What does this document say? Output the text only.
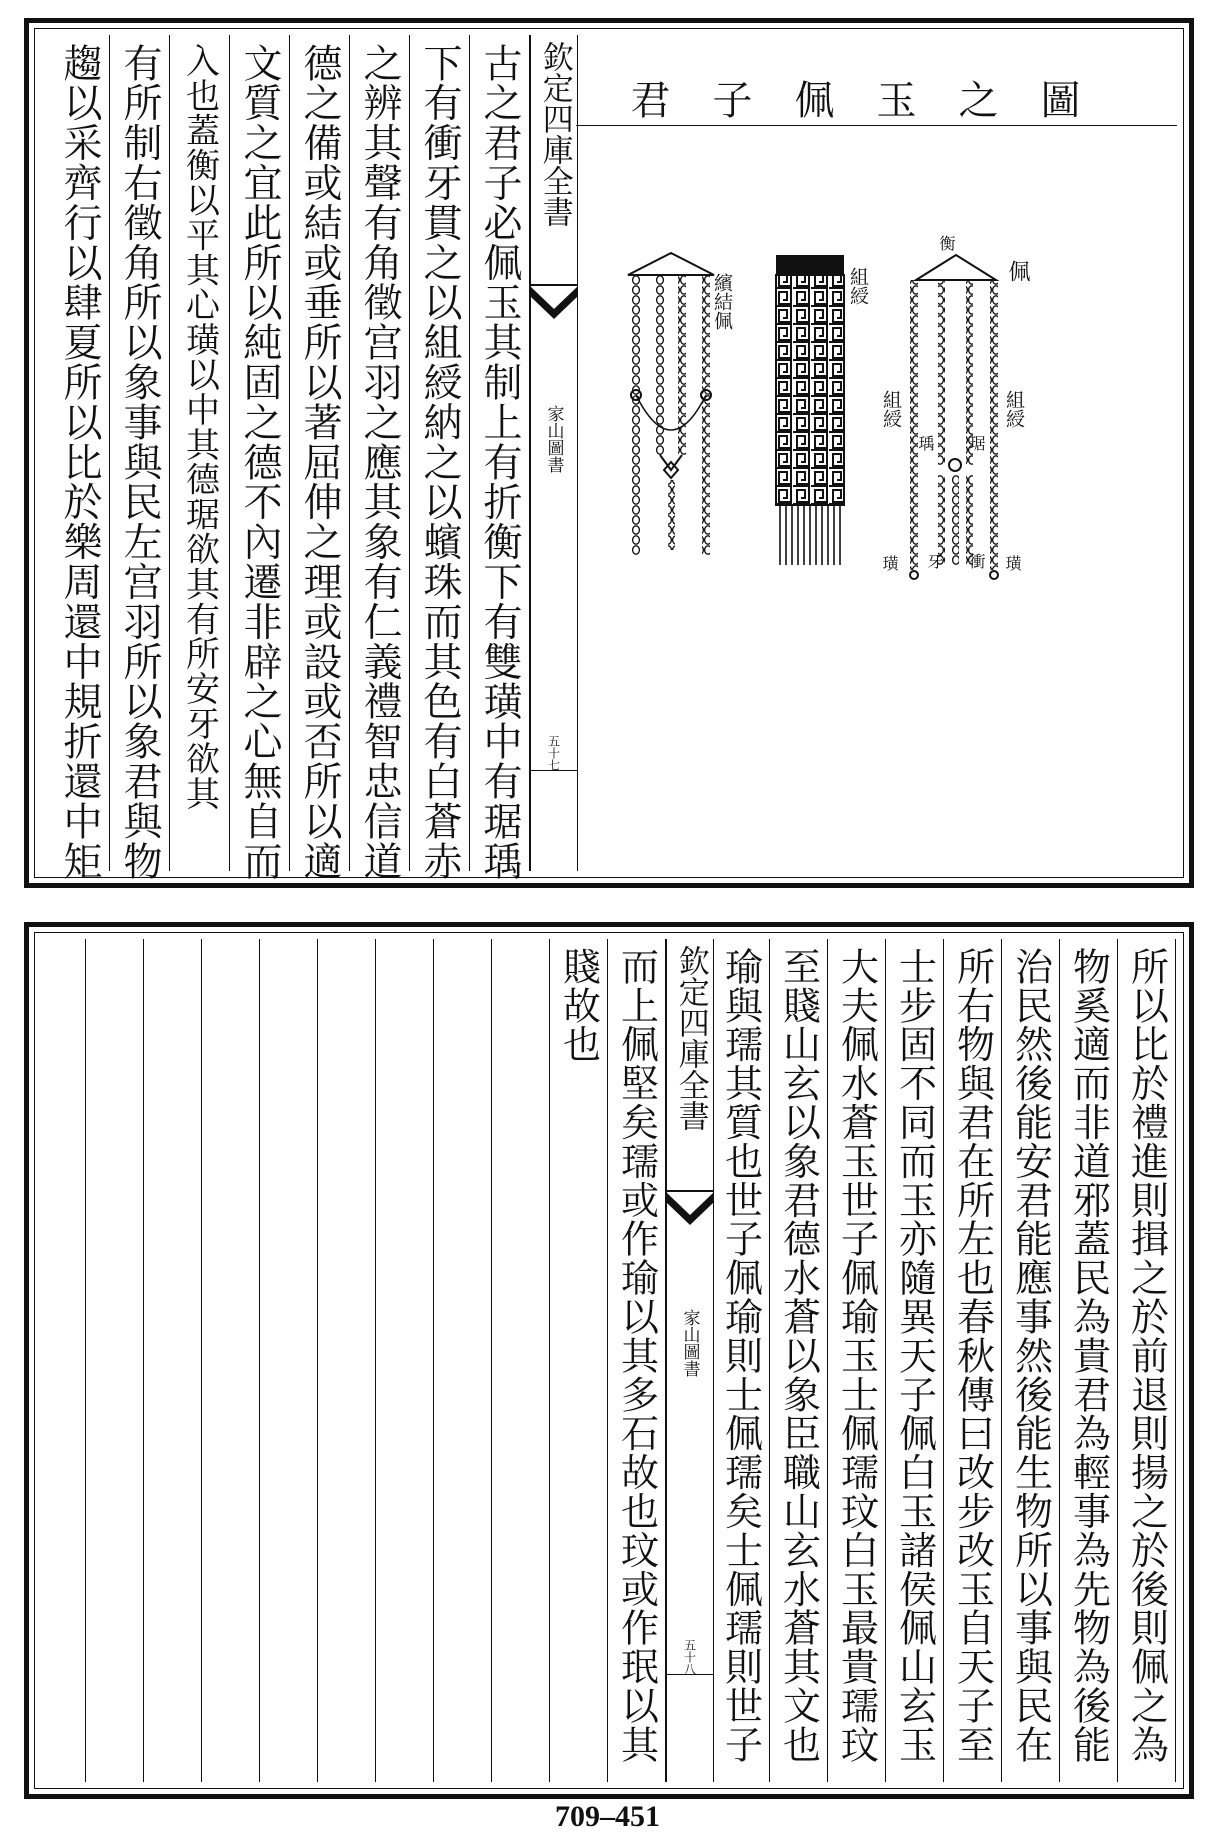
古之君子必佩玉其制上有折衡下有雙璜中有琚瑀
下有衝牙貫之以組綬納之以蠙珠而其色有白蒼赤
之辨其聲有角徵宫羽之應其象有仁義禮智忠信道
德之備或結或垂所以著屈伸之理或設或否所以適
文質之宜此所以純固之德不內遷非辟之心無自而
入也蓋衡以平其心璜以中其德琚欲其有所安牙欲其
有所制右徵角所以象事與民左宫羽所以象君與物
趨以采齊行以肆夏所以比於樂周還中規折還中矩	欽定四庫全書
家山圖書
五十七
君子佩玉之圖
繽結佩	組綬
衡
佩
組綬	組綬
瑀 琚
璜 牙 衝 璜
所以比於禮進則揖之於前退則揚之於後則佩之為
物奚適而非道邪蓋民為貴君為輕事為先物為後能
治民然後能安君能應事然後能生物所以事與民在
所右物與君在所左也春秋傳曰改步改玉自天子至
士步固不同而玉亦隨異天子佩白玉諸侯佩山玄玉
大夫佩水蒼玉世子佩瑜玉士佩瓀玟白玉最貴瓀玟
至賤山玄以象君德水蒼以象臣職山玄水蒼其文也
瑜與瓀其質也世子佩瑜則士佩瓀矣士佩瓀則世子
欽定四庫全書
家山圖書
五十八
而上佩堅矣瓀或作瑜以其多石故也玟或作珉以其
賤故也
709–451
